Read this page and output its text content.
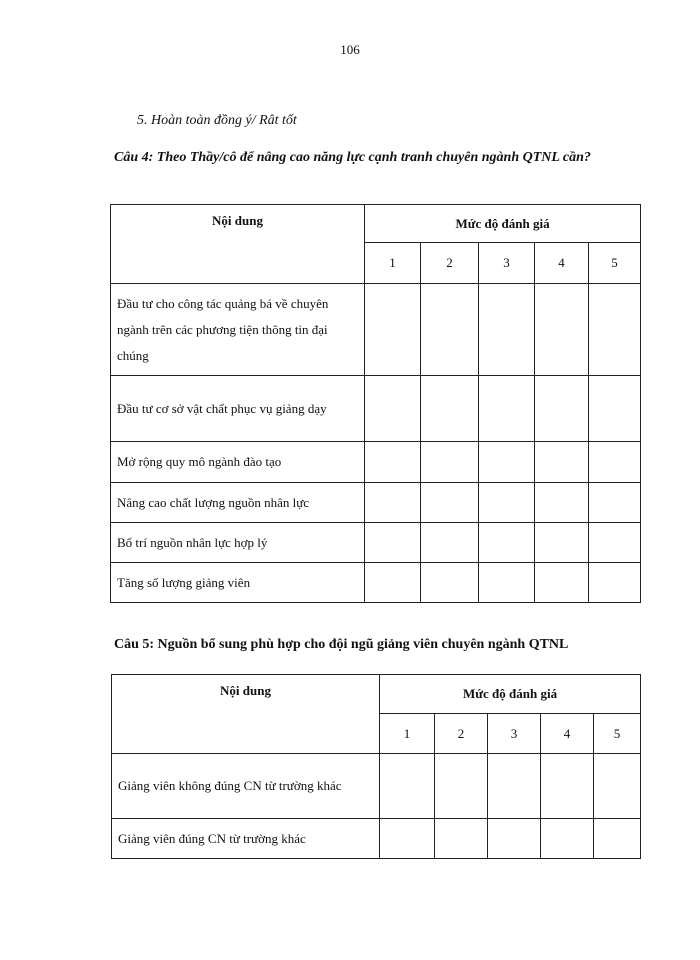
106
5. Hoàn toàn đồng ý/ Rât tốt
Câu 4: Theo Thầy/cô để nâng cao năng lực cạnh tranh chuyên ngành QTNL cần?
Nội dung	Mức độ đánh giá				
	1	2	3	4	5
Đầu tư cho công tác quảng bá về chuyên ngành trên các phương tiện thông tin đại chúng					
Đầu tư cơ sở vật chất phục vụ giảng dạy					
Mở rộng quy mô ngành đào tạo					
Nâng cao chất lượng nguồn nhân lực					
Bố trí nguồn nhân lực hợp lý					
Tăng số lượng giảng viên					
Câu 5: Nguồn bổ sung phù hợp cho đội ngũ giảng viên chuyên ngành QTNL
Nội dung	Mức độ đánh giá				
	1	2	3	4	5
Giảng viên không đúng CN từ trường khác					
Giảng viên đúng CN từ trường khác					
